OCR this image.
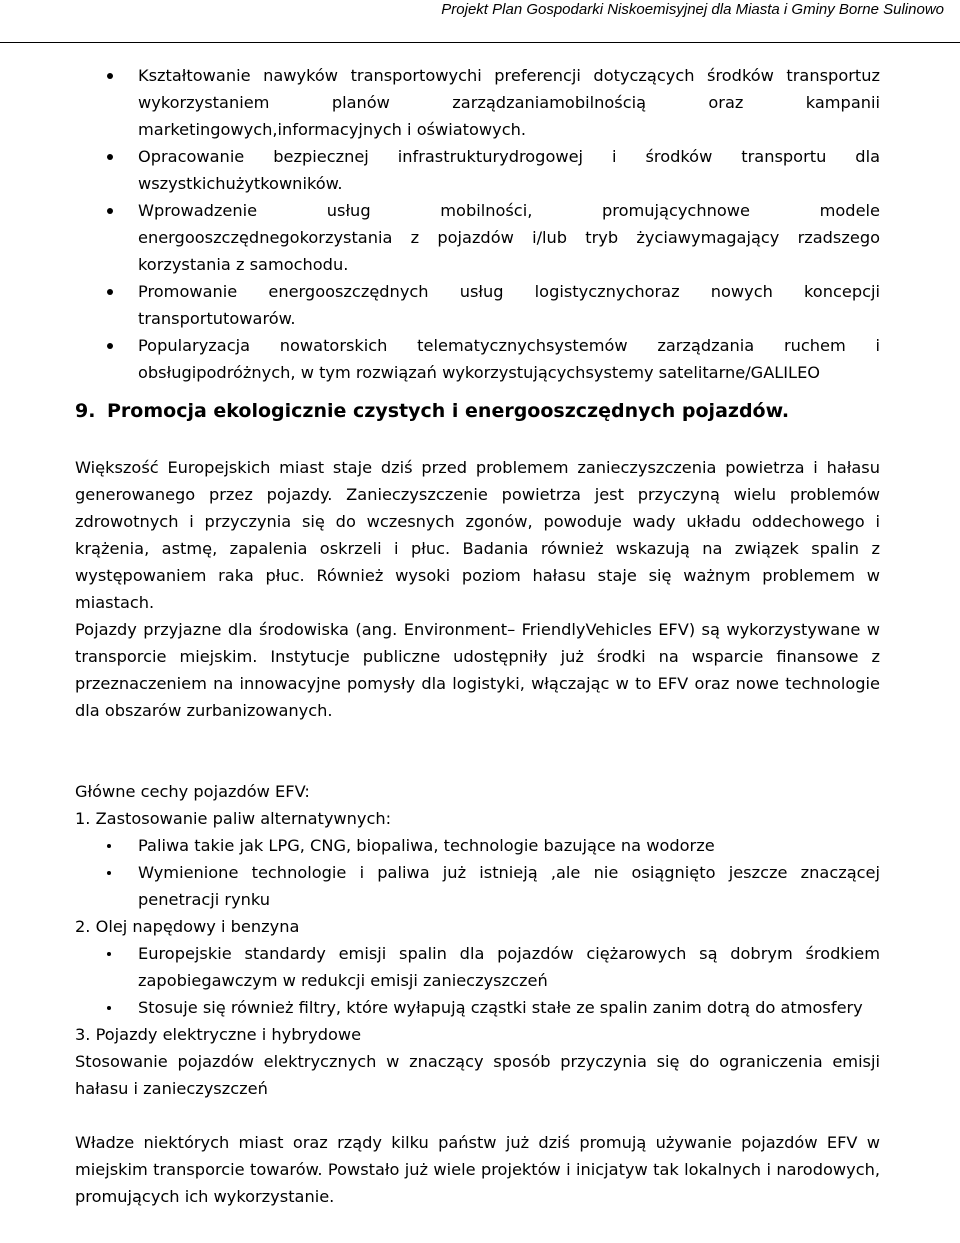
Projekt Plan Gospodarki Niskoemisyjnej dla Miasta i Gminy Borne Sulinowo
Kształtowanie nawyków transportowychi preferencji dotyczących środków transportuz wykorzystaniem planów zarządzaniamobilnością oraz kampanii marketingowych,informacyjnych i oświatowych.
Opracowanie bezpiecznej infrastrukturydrogowej i środków transportu dla wszystkichużytkowników.
Wprowadzenie usług mobilności, promującychnowe modele energooszczędnegokorzystania z pojazdów i/lub tryb życiawymagający rzadszego korzystania z samochodu.
Promowanie energooszczędnych usług logistycznychoraz nowych koncepcji transportutowarów.
Popularyzacja nowatorskich telematycznychsystemów zarządzania ruchem i obsługipodróżnych, w tym rozwiązań wykorzystującychsystemy satelitarne/GALILEO
9. Promocja ekologicznie czystych i energooszczędnych pojazdów.

Większość Europejskich miast staje dziś przed problemem zanieczyszczenia powietrza i hałasu generowanego przez pojazdy. Zanieczyszczenie powietrza jest przyczyną wielu problemów zdrowotnych i przyczynia się do wczesnych zgonów, powoduje wady układu oddechowego i krążenia, astmę, zapalenia oskrzeli i płuc. Badania również wskazują na związek spalin z występowaniem raka płuc. Również wysoki poziom hałasu staje się ważnym problemem w miastach.

Pojazdy przyjazne dla środowiska (ang. Environment– FriendlyVehicles EFV) są wykorzystywane w transporcie miejskim. Instytucje publiczne udostępniły już środki na wsparcie finansowe z przeznaczeniem na innowacyjne pomysły dla logistyki, włączając w to EFV oraz nowe technologie dla obszarów zurbanizowanych.

Główne cechy pojazdów EFV:

1. Zastosowanie paliw alternatywnych:

Paliwa takie jak LPG, CNG, biopaliwa, technologie bazujące na wodorze
Wymienione technologie i paliwa już istnieją ,ale nie osiągnięto jeszcze znaczącej penetracji rynku

2. Olej napędowy i benzyna

Europejskie standardy emisji spalin dla pojazdów ciężarowych są dobrym środkiem zapobiegawczym w redukcji emisji zanieczyszczeń
Stosuje się również filtry, które wyłapują cząstki stałe ze spalin zanim dotrą do atmosfery

3. Pojazdy elektryczne i hybrydowe

Stosowanie pojazdów elektrycznych w znaczący sposób przyczynia się do ograniczenia emisji hałasu i zanieczyszczeń

Władze niektórych miast oraz rządy kilku państw już dziś promują używanie pojazdów EFV w miejskim transporcie towarów. Powstało już wiele projektów i inicjatyw tak lokalnych i narodowych, promujących ich wykorzystanie.
